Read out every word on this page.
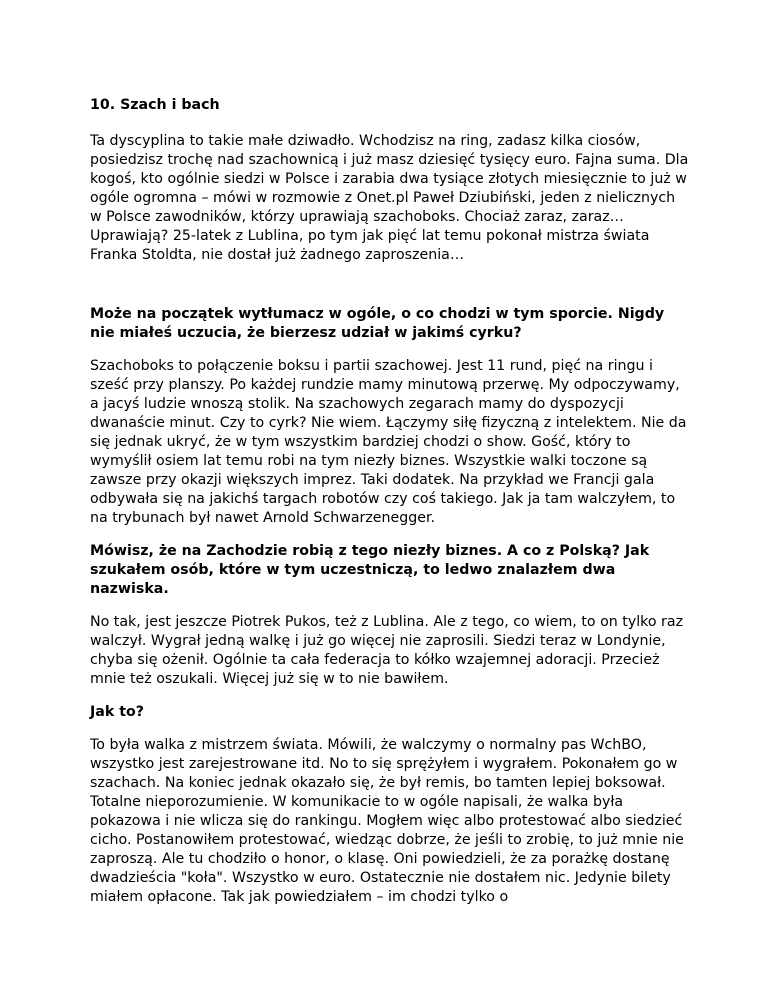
10. Szach i bach

Ta dyscyplina to takie małe dziwadło. Wchodzisz na ring, zadasz kilka ciosów, posiedzisz trochę nad szachownicą i już masz dziesięć tysięcy euro. Fajna suma. Dla kogoś, kto ogólnie siedzi w Polsce i zarabia dwa tysiące złotych miesięcznie to już w ogóle ogromna – mówi w rozmowie z Onet.pl Paweł Dziubiński, jeden z nielicznych w Polsce zawodników, którzy uprawiają szachoboks. Chociaż zaraz, zaraz… Uprawiają? 25-latek z Lublina, po tym jak pięć lat temu pokonał mistrza świata Franka Stoldta, nie dostał już żadnego zaproszenia…

Może na początek wytłumacz w ogóle, o co chodzi w tym sporcie. Nigdy nie miałeś uczucia, że bierzesz udział w jakimś cyrku?

Szachoboks to połączenie boksu i partii szachowej. Jest 11 rund, pięć na ringu i sześć przy planszy. Po każdej rundzie mamy minutową przerwę. My odpoczywamy, a jacyś ludzie wnoszą stolik. Na szachowych zegarach mamy do dyspozycji dwanaście minut. Czy to cyrk? Nie wiem. Łączymy siłę fizyczną z intelektem. Nie da się jednak ukryć, że w tym wszystkim bardziej chodzi o show. Gość, który to wymyślił osiem lat temu robi na tym niezły biznes. Wszystkie walki toczone są zawsze przy okazji większych imprez. Taki dodatek. Na przykład we Francji gala odbywała się na jakichś targach robotów czy coś takiego. Jak ja tam walczyłem, to na trybunach był nawet Arnold Schwarzenegger.

Mówisz, że na Zachodzie robią z tego niezły biznes. A co z Polską? Jak szukałem osób, które w tym uczestniczą, to ledwo znalazłem dwa nazwiska.

No tak, jest jeszcze Piotrek Pukos, też z Lublina. Ale z tego, co wiem, to on tylko raz walczył. Wygrał jedną walkę i już go więcej nie zaprosili. Siedzi teraz w Londynie, chyba się ożenił. Ogólnie ta cała federacja to kółko wzajemnej adoracji. Przecież mnie też oszukali. Więcej już się w to nie bawiłem.

Jak to?

To była walka z mistrzem świata. Mówili, że walczymy o normalny pas WchBO, wszystko jest zarejestrowane itd. No to się sprężyłem i wygrałem. Pokonałem go w szachach. Na koniec jednak okazało się, że był remis, bo tamten lepiej boksował. Totalne nieporozumienie. W komunikacie to w ogóle napisali, że walka była pokazowa i nie wlicza się do rankingu. Mogłem więc albo protestować albo siedzieć cicho. Postanowiłem protestować, wiedząc dobrze, że jeśli to zrobię, to już mnie nie zaproszą. Ale tu chodziło o honor, o klasę. Oni powiedzieli, że za porażkę dostanę dwadzieścia "koła". Wszystko w euro. Ostatecznie nie dostałem nic. Jedynie bilety miałem opłacone. Tak jak powiedziałem – im chodzi tylko o
